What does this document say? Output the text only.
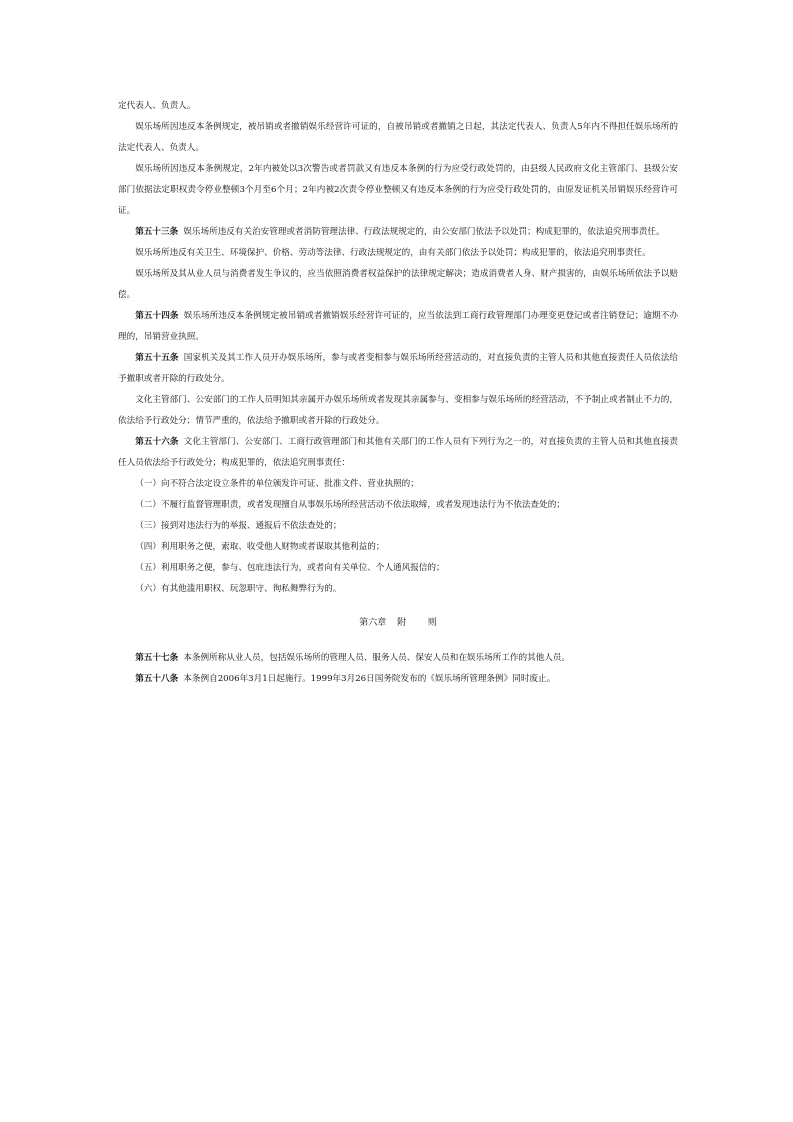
定代表人、负责人。

娱乐场所因违反本条例规定，被吊销或者撤销娱乐经营许可证的，自被吊销或者撤销之日起，其法定代表人、负责人5年内不得担任娱乐场所的法定代表人、负责人。

娱乐场所因违反本条例规定，2年内被处以3次警告或者罚款又有违反本条例的行为应受行政处罚的，由县级人民政府文化主管部门、县级公安部门依据法定职权责令停业整顿3个月至6个月；2年内被2次责令停业整顿又有违反本条例的行为应受行政处罚的，由原发证机关吊销娱乐经营许可证。

第五十三条 娱乐场所违反有关治安管理或者消防管理法律、行政法规规定的，由公安部门依法予以处罚；构成犯罪的，依法追究刑事责任。

娱乐场所违反有关卫生、环境保护、价格、劳动等法律、行政法规规定的，由有关部门依法予以处罚；构成犯罪的，依法追究刑事责任。

娱乐场所及其从业人员与消费者发生争议的，应当依照消费者权益保护的法律规定解决；造成消费者人身、财产损害的，由娱乐场所依法予以赔偿。

第五十四条 娱乐场所违反本条例规定被吊销或者撤销娱乐经营许可证的，应当依法到工商行政管理部门办理变更登记或者注销登记；逾期不办理的，吊销营业执照。

第五十五条 国家机关及其工作人员开办娱乐场所，参与或者变相参与娱乐场所经营活动的，对直接负责的主管人员和其他直接责任人员依法给予撤职或者开除的行政处分。

文化主管部门、公安部门的工作人员明知其亲属开办娱乐场所或者发现其亲属参与、变相参与娱乐场所的经营活动，不予制止或者制止不力的，依法给予行政处分；情节严重的，依法给予撤职或者开除的行政处分。

第五十六条 文化主管部门、公安部门、工商行政管理部门和其他有关部门的工作人员有下列行为之一的，对直接负责的主管人员和其他直接责任人员依法给予行政处分；构成犯罪的，依法追究刑事责任：

（一）向不符合法定设立条件的单位颁发许可证、批准文件、营业执照的；

（二）不履行监督管理职责，或者发现擅自从事娱乐场所经营活动不依法取缔，或者发现违法行为不依法查处的；

（三）接到对违法行为的举报、通报后不依法查处的；

（四）利用职务之便，索取、收受他人财物或者谋取其他利益的；

（五）利用职务之便，参与、包庇违法行为，或者向有关单位、个人通风报信的；

（六）有其他滥用职权、玩忽职守、徇私舞弊行为的。

第六章 附 则

第五十七条 本条例所称从业人员，包括娱乐场所的管理人员、服务人员、保安人员和在娱乐场所工作的其他人员。

第五十八条 本条例自2006年3月1日起施行。1999年3月26日国务院发布的《娱乐场所管理条例》同时废止。
